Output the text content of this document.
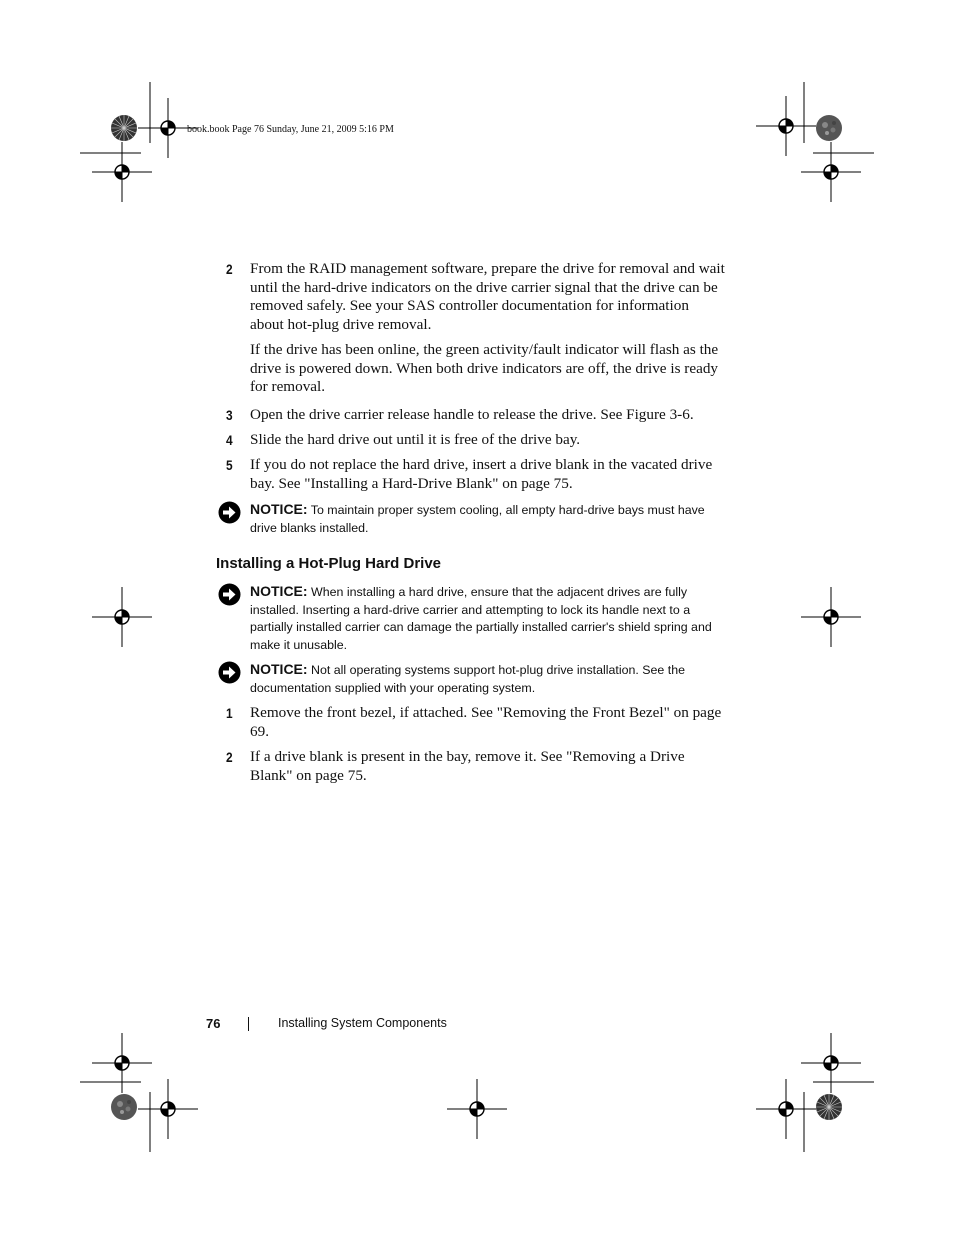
book.book Page 76 Sunday, June 21, 2009 5:16 PM
2 From the RAID management software, prepare the drive for removal and wait until the hard-drive indicators on the drive carrier signal that the drive can be removed safely. See your SAS controller documentation for information about hot-plug drive removal.
If the drive has been online, the green activity/fault indicator will flash as the drive is powered down. When both drive indicators are off, the drive is ready for removal.
3 Open the drive carrier release handle to release the drive. See Figure 3-6.
4 Slide the hard drive out until it is free of the drive bay.
5 If you do not replace the hard drive, insert a drive blank in the vacated drive bay. See "Installing a Hard-Drive Blank" on page 75.
NOTICE: To maintain proper system cooling, all empty hard-drive bays must have drive blanks installed.
Installing a Hot-Plug Hard Drive
NOTICE: When installing a hard drive, ensure that the adjacent drives are fully installed. Inserting a hard-drive carrier and attempting to lock its handle next to a partially installed carrier can damage the partially installed carrier's shield spring and make it unusable.
NOTICE: Not all operating systems support hot-plug drive installation. See the documentation supplied with your operating system.
1 Remove the front bezel, if attached. See "Removing the Front Bezel" on page 69.
2 If a drive blank is present in the bay, remove it. See "Removing a Drive Blank" on page 75.
76	Installing System Components
